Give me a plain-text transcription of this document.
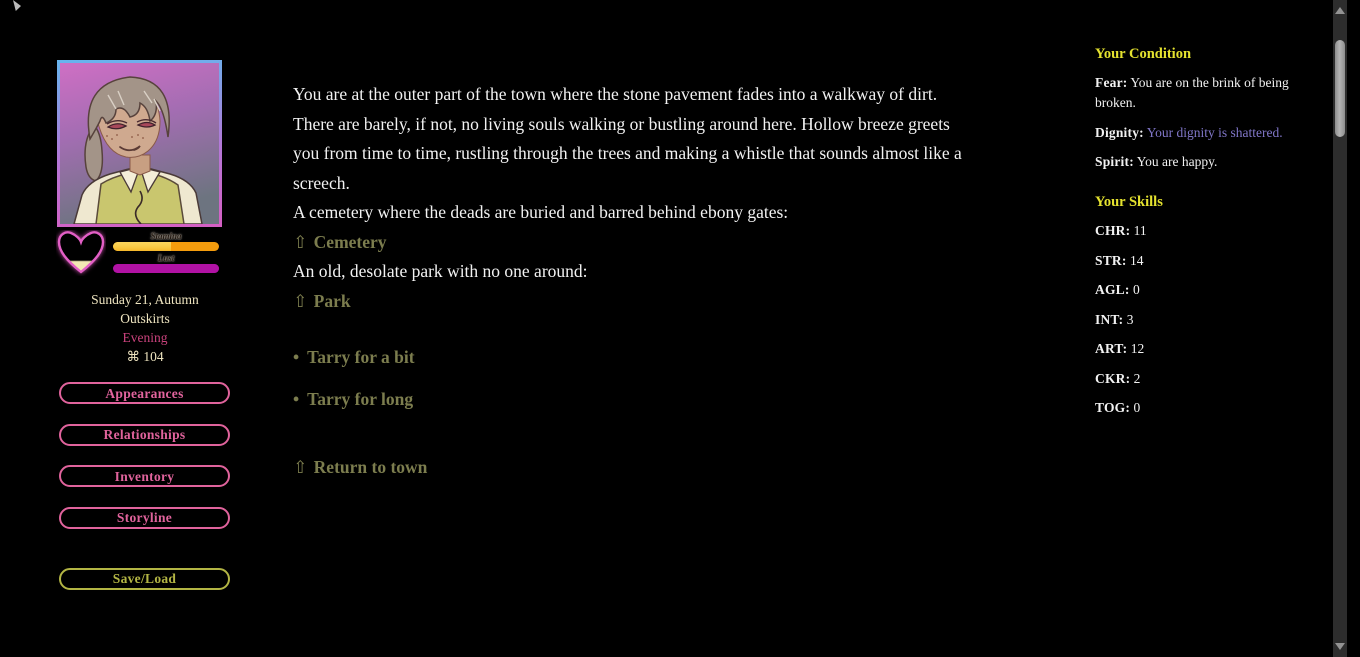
Stamina
Lust
Sunday 21, Autumn
Outskirts
Evening
⌘ 104
Appearances
Relationships
Inventory
Storyline
Save/Load

You are at the outer part of the town where the stone pavement fades into a walkway of dirt. There are barely, if not, no living souls walking or bustling around here. Hollow breeze greets you from time to time, rustling through the trees and making a whistle that sounds almost like a screech.

A cemetery where the deads are buried and barred behind ebony gates:

⇧ Cemetery

An old, desolate park with no one around:

⇧ Park
• Tarry for a bit
• Tarry for long
⇧ Return to town
Your Condition

Fear: You are on the brink of being broken.

Dignity: Your dignity is shattered.

Spirit: You are happy.

Your Skills

CHR: 11

STR: 14

AGL: 0

INT: 3

ART: 12

CKR: 2

TOG: 0
